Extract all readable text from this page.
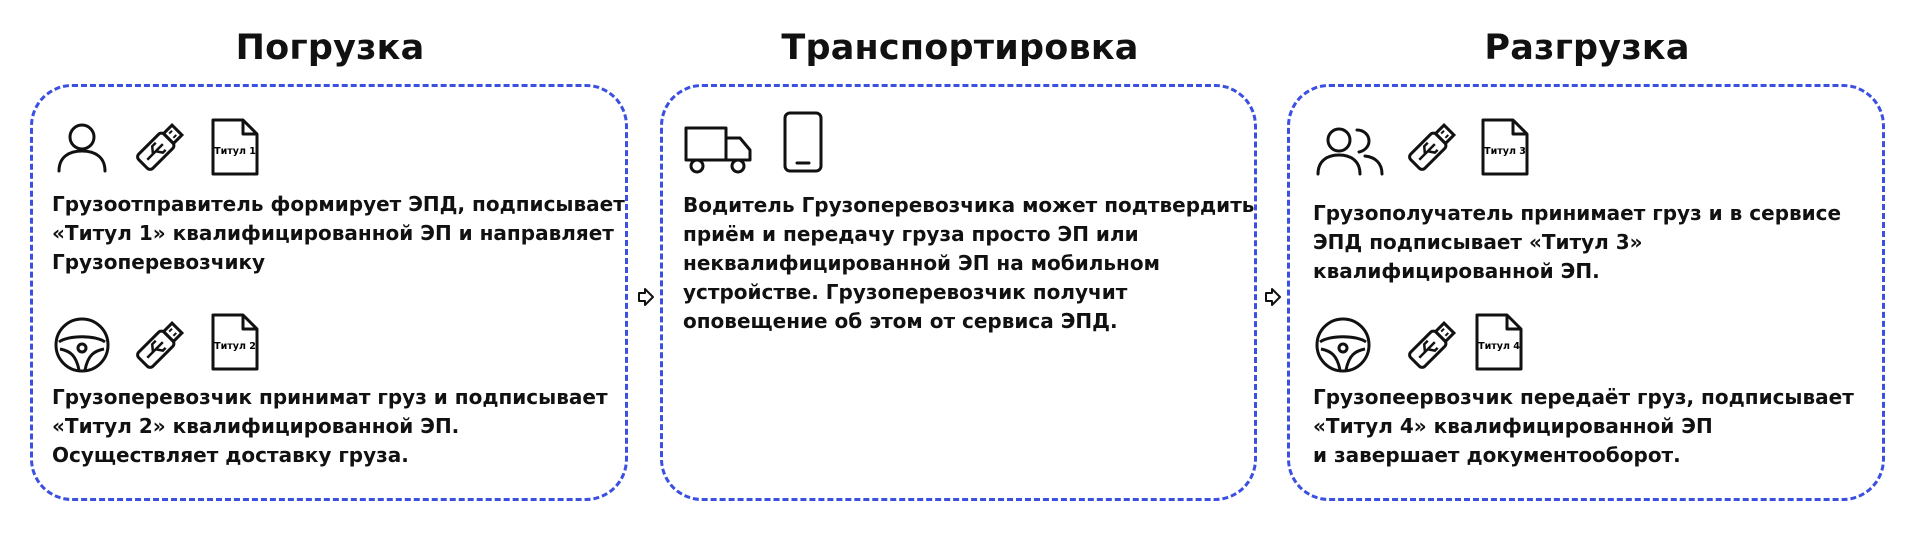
Погрузка	Транспортировка	Разгрузка
Титул 1
Грузоотправитель формирует ЭПД, подписывает
«Титул 1» квалифицированной ЭП и направляет
Грузоперевозчику
Титул 2
Грузоперевозчик принимат груз и подписывает
«Титул 2» квалифицированной ЭП.
Осуществляет доставку груза.
Водитель Грузоперевозчика может подтвердить
приём и передачу груза просто ЭП или
неквалифицированной ЭП на мобильном
устройстве. Грузоперевозчик получит
оповещение об этом от сервиса ЭПД.
Титул 3
Грузополучатель принимает груз и в сервисе
ЭПД подписывает «Титул 3»
квалифицированной ЭП.
Титул 4
Грузопеервозчик передаёт груз, подписывает
«Титул 4» квалифицированной ЭП
и завершает документооборот.
